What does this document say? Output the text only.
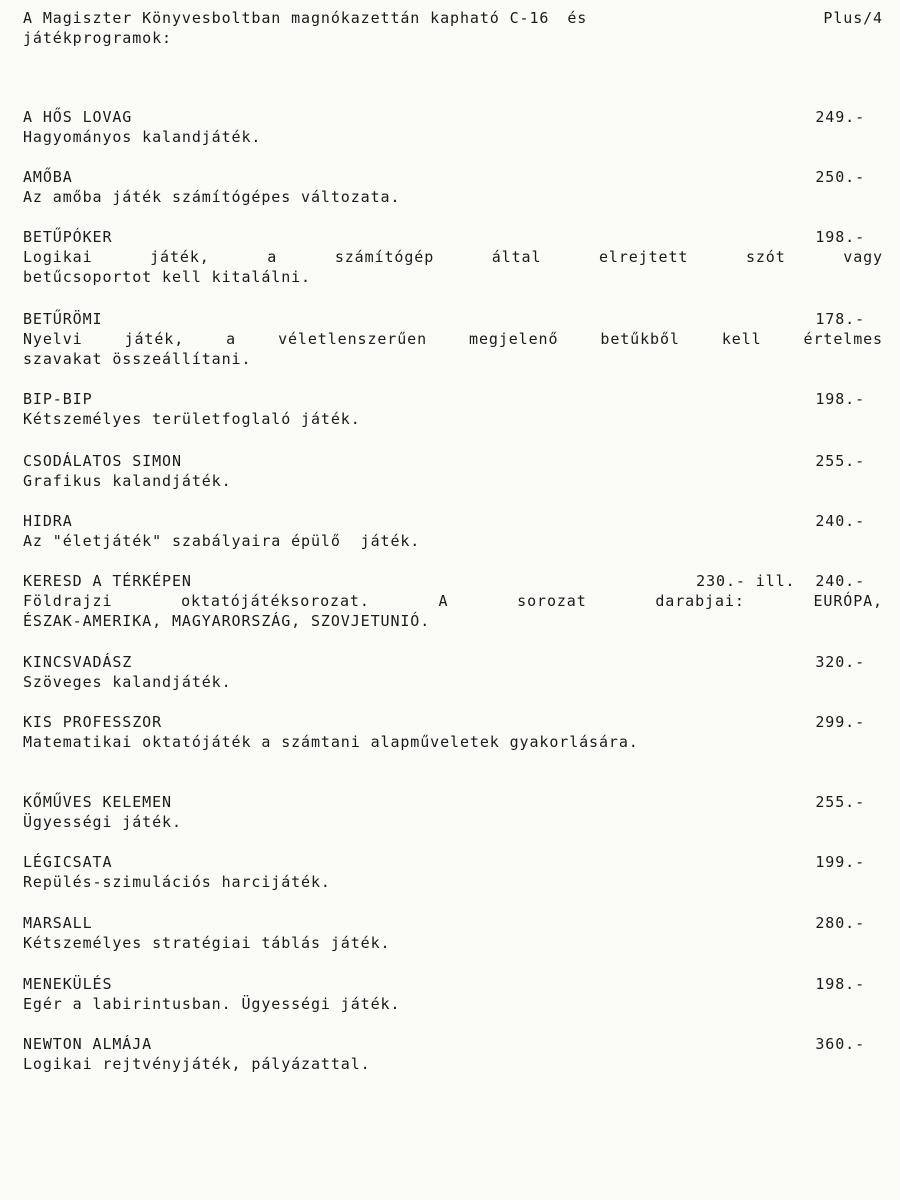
A Magiszter Könyvesboltban magnókazettán kapható C-16 és	Plus/4
játékprogramok:
A HŐS LOVAG	249.-
Hagyományos kalandjáték.
AMŐBA	250.-
Az amőba játék számítógépes változata.
BETŰPÓKER	198.-
Logikai játék, a számítógép által elrejtett szót vagy
betűcsoportot kell kitalálni.
BETŰRÖMI	178.-
Nyelvi játék, a véletlenszerűen megjelenő betűkből kell értelmes
szavakat összeállítani.
BIP-BIP	198.-
Kétszemélyes területfoglaló játék.
CSODÁLATOS SIMON	255.-
Grafikus kalandjáték.
HIDRA	240.-
Az "életjáték" szabályaira épülő  játék.
KERESD A TÉRKÉPEN	230.- ill.  240.-
Földrajzi oktatójátéksorozat. A sorozat darabjai: EURÓPA,
ÉSZAK-AMERIKA, MAGYARORSZÁG, SZOVJETUNIÓ.
KINCSVADÁSZ	320.-
Szöveges kalandjáték.
KIS PROFESSZOR	299.-
Matematikai oktatójáték a számtani alapműveletek gyakorlására.
KŐMŰVES KELEMEN	255.-
Ügyességi játék.
LÉGICSATA	199.-
Repülés-szimulációs harcijáték.
MARSALL	280.-
Kétszemélyes stratégiai táblás játék.
MENEKÜLÉS	198.-
Egér a labirintusban. Ügyességi játék.
NEWTON ALMÁJA	360.-
Logikai rejtvényjáték, pályázattal.
